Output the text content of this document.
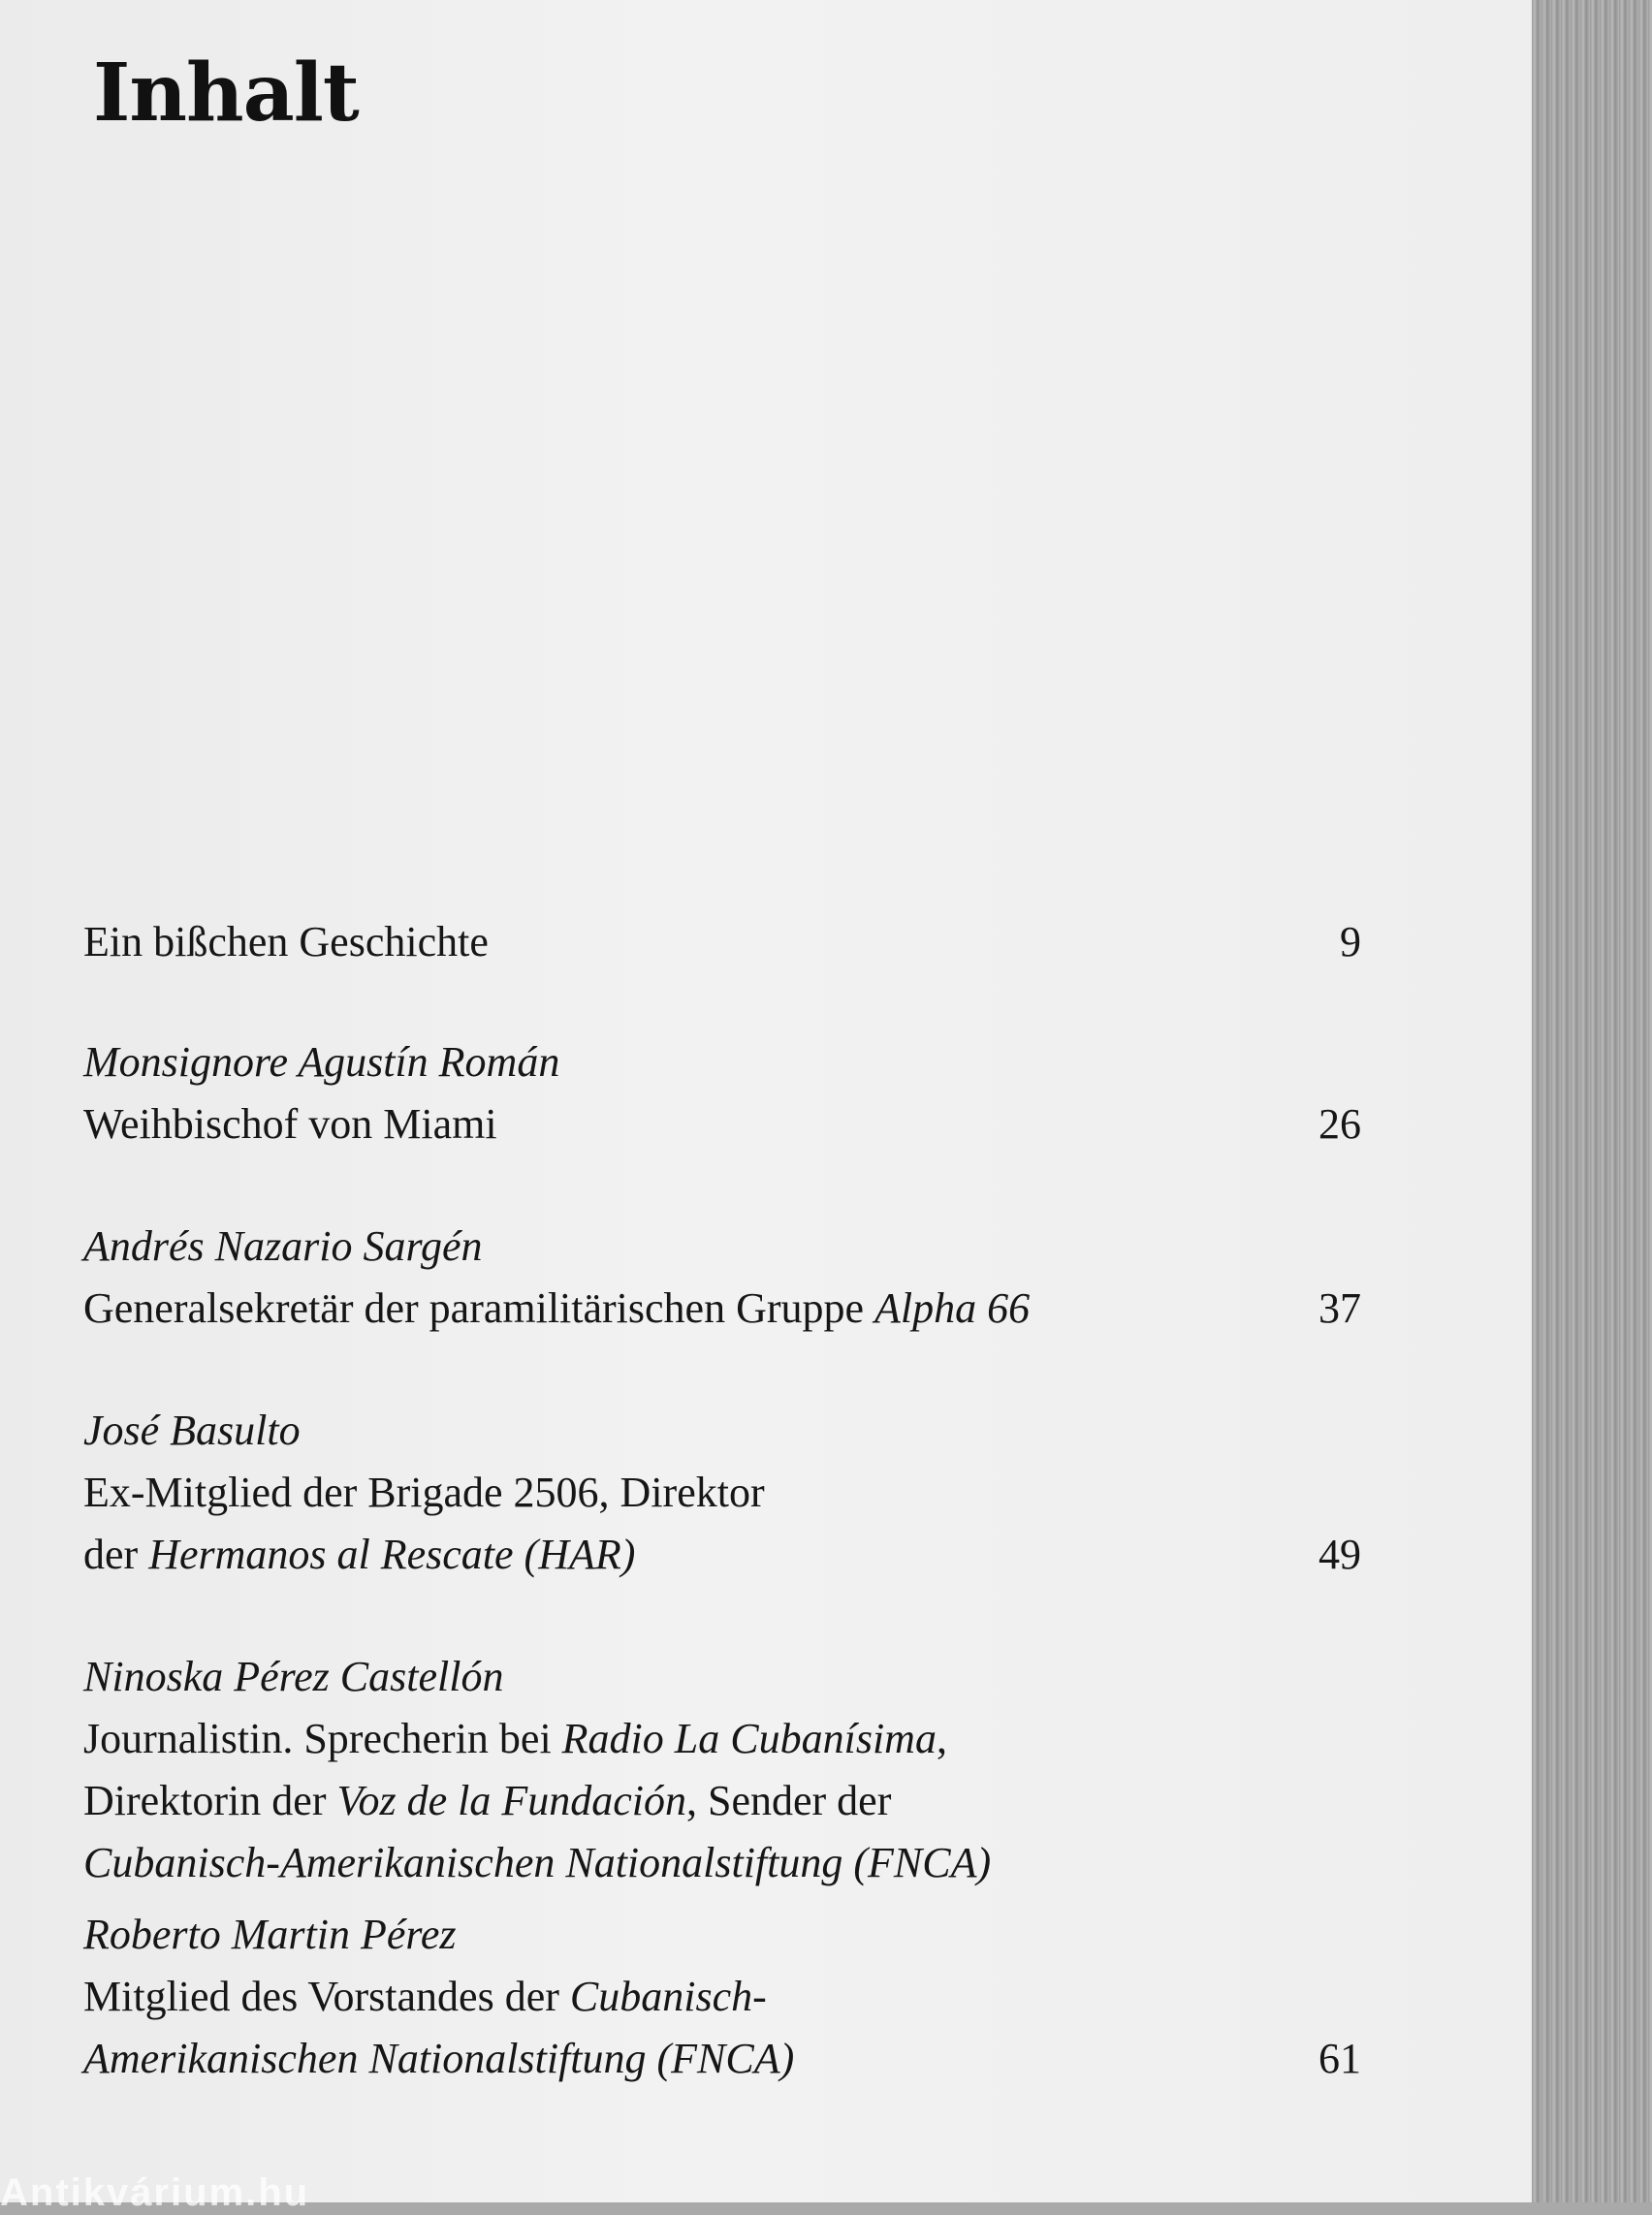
Inhalt
Ein bißchen Geschichte	9
Monsignore Agustín Román
Weihbischof von Miami	26
Andrés Nazario Sargén
Generalsekretär der paramilitärischen Gruppe Alpha 66	37
José Basulto
Ex-Mitglied der Brigade 2506, Direktor
der Hermanos al Rescate (HAR)	49
Ninoska Pérez Castellón
Journalistin. Sprecherin bei Radio La Cubanísima,
Direktorin der Voz de la Fundación, Sender der
Cubanisch-Amerikanischen Nationalstiftung (FNCA)
Roberto Martin Pérez
Mitglied des Vorstandes der Cubanisch-
Amerikanischen Nationalstiftung (FNCA)	61
Antikvárium.hu
